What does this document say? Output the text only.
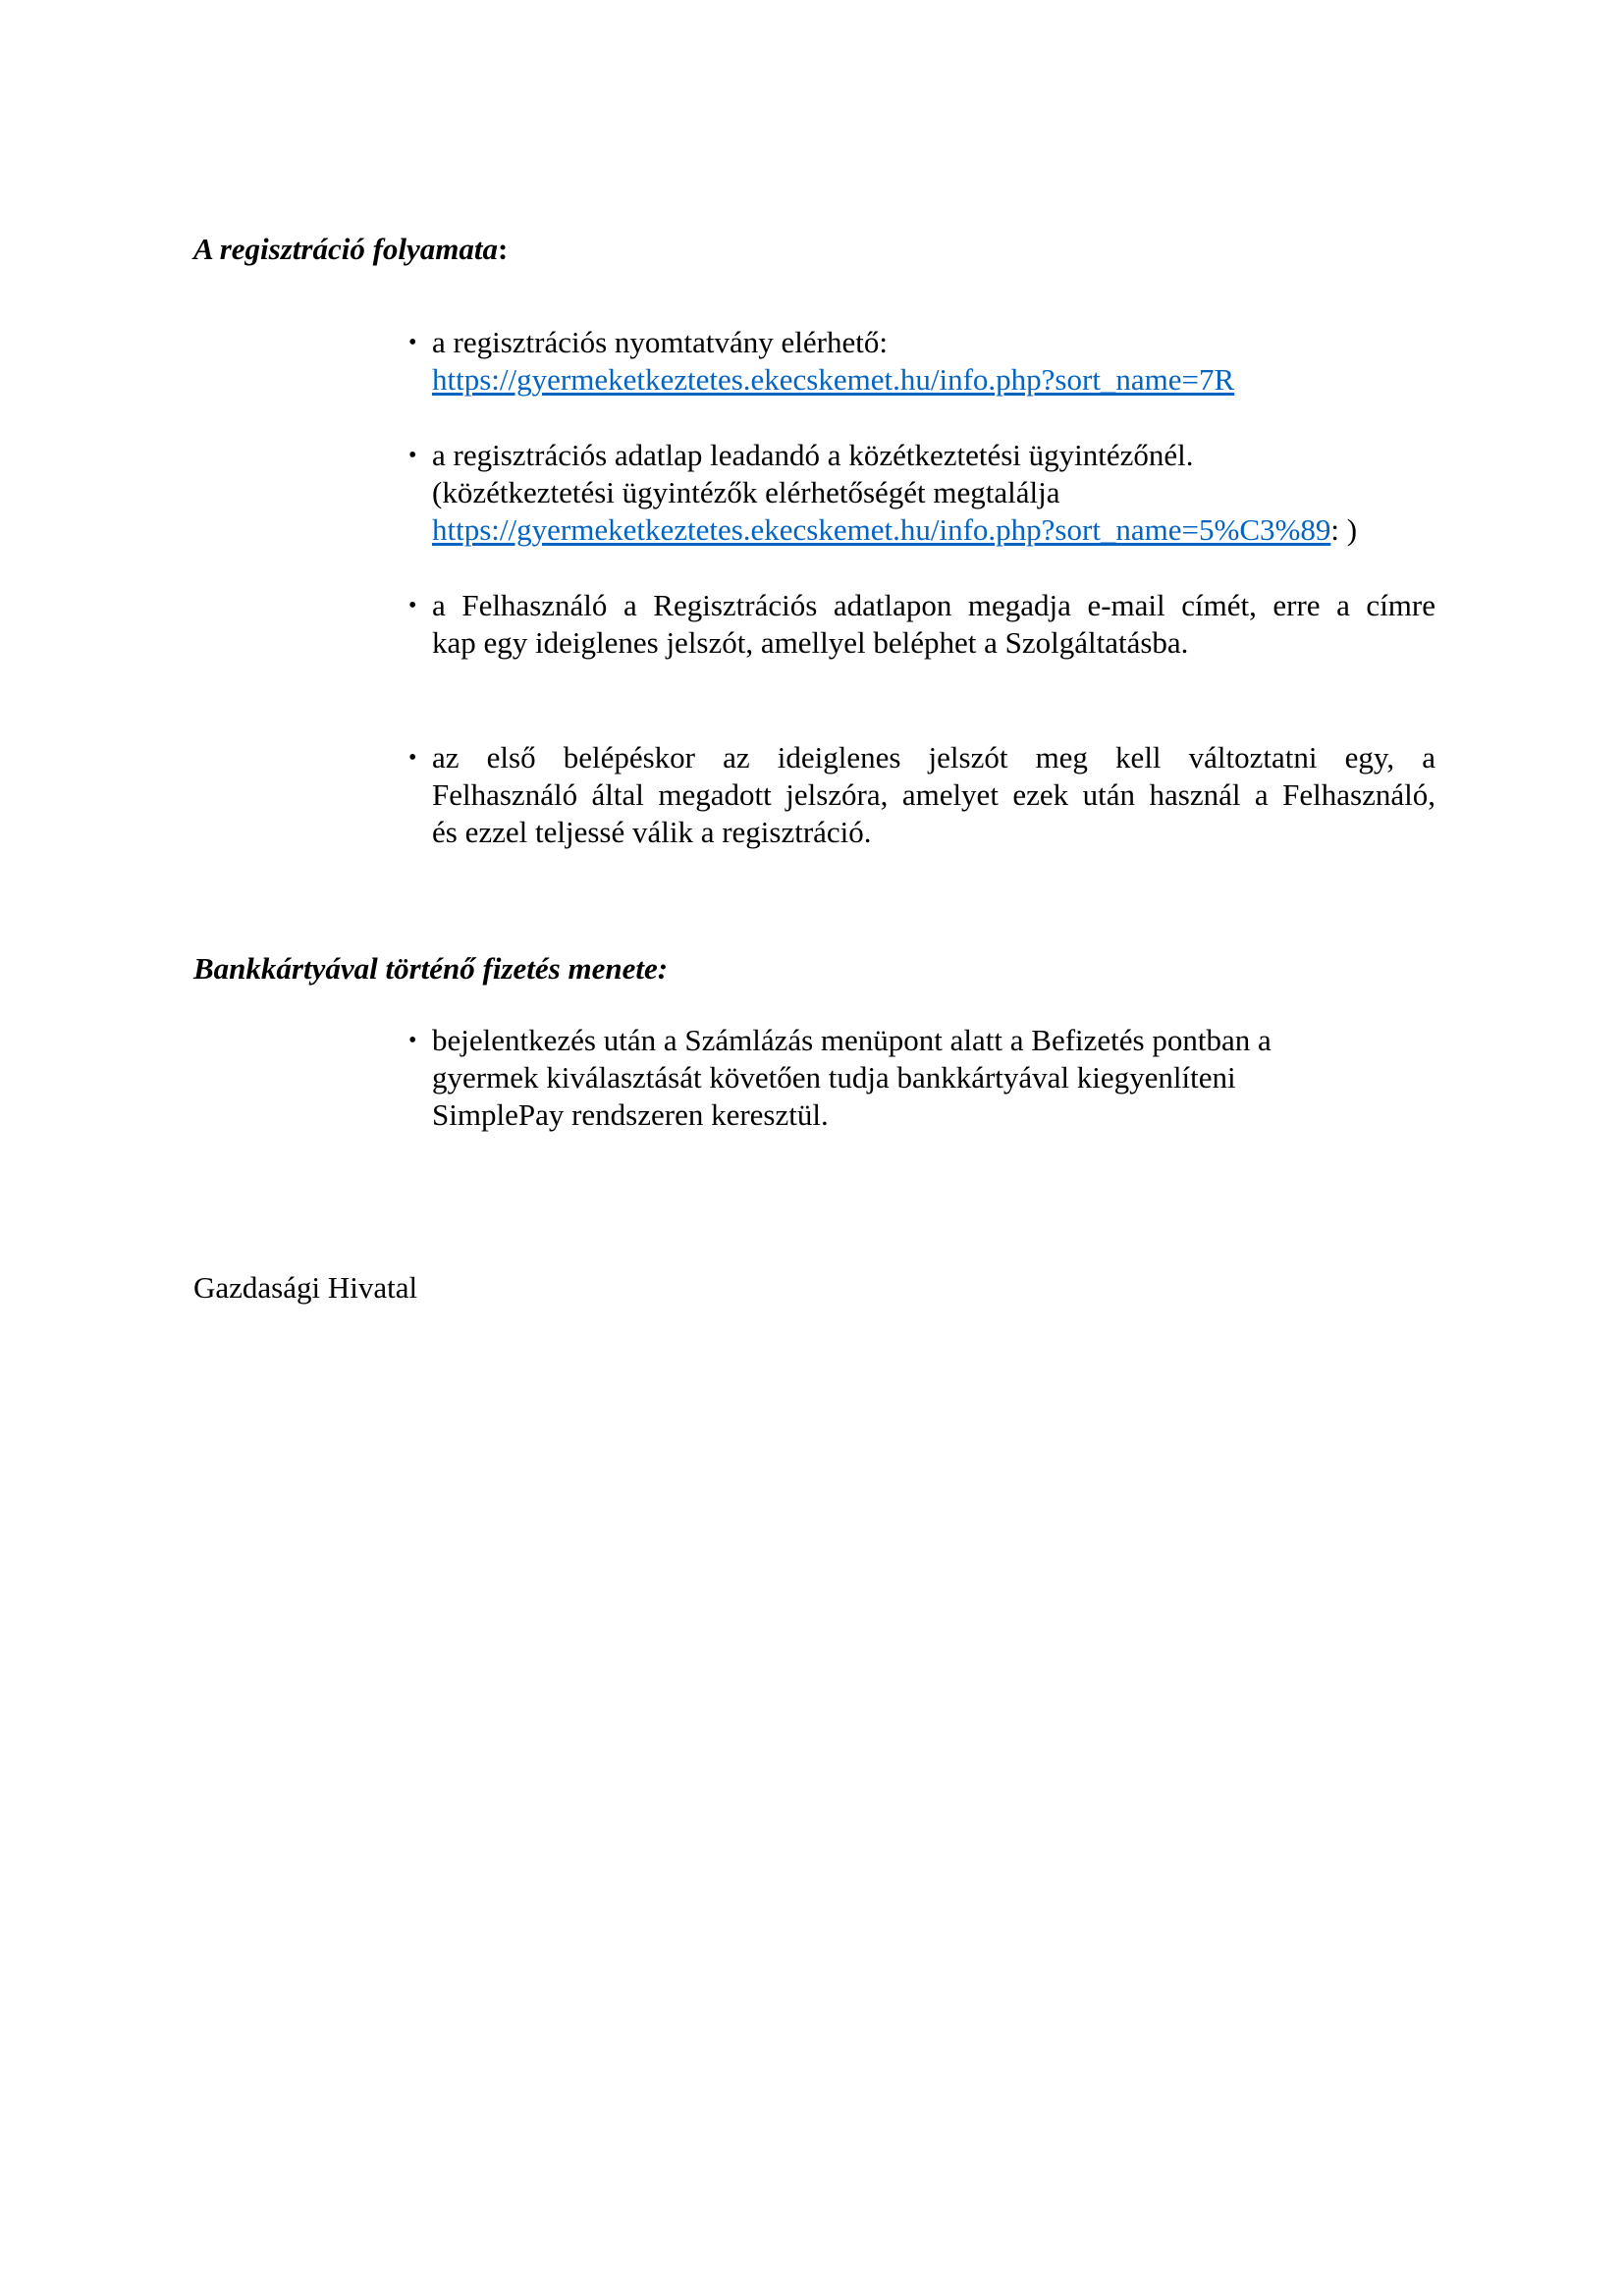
A regisztráció folyamata:

• a regisztrációs nyomtatvány elérhető:
https://gyermeketkeztetes.ekecskemet.hu/info.php?sort_name=7R
• a regisztrációs adatlap leadandó a közétkeztetési ügyintézőnél.
(közétkeztetési ügyintézők elérhetőségét megtalálja
https://gyermeketkeztetes.ekecskemet.hu/info.php?sort_name=5%C3%89: )
• a Felhasználó a Regisztrációs adatlapon megadja e-mail címét, erre a címre
kap egy ideiglenes jelszót, amellyel beléphet a Szolgáltatásba.
• az első belépéskor az ideiglenes jelszót meg kell változtatni egy, a
Felhasználó által megadott jelszóra, amelyet ezek után használ a Felhasználó,
és ezzel teljessé válik a regisztráció.

Bankkártyával történő fizetés menete:

• bejelentkezés után a Számlázás menüpont alatt a Befizetés pontban a
gyermek kiválasztását követően tudja bankkártyával kiegyenlíteni
SimplePay rendszeren keresztül.

Gazdasági Hivatal
